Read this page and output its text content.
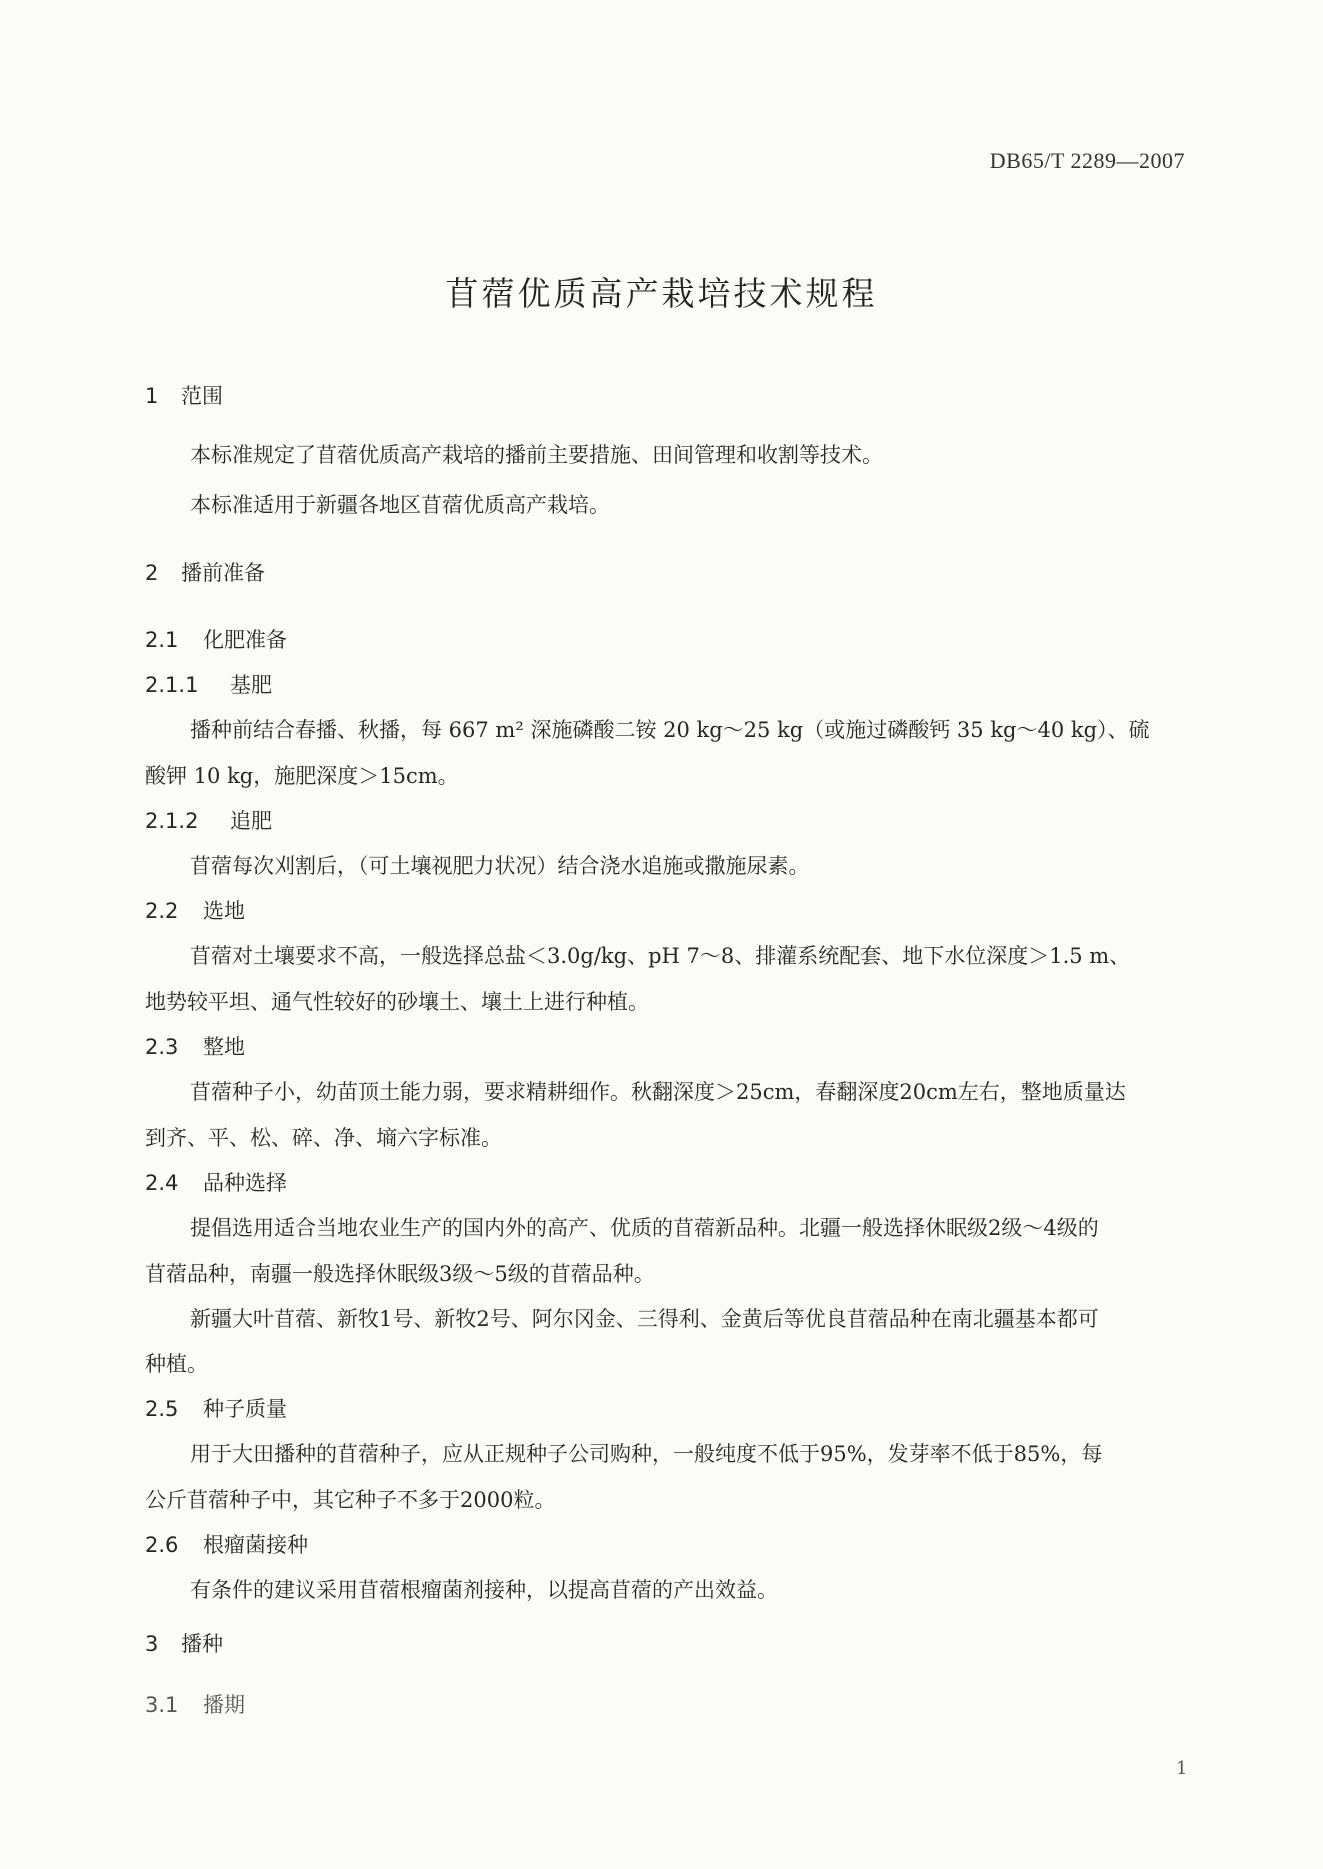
DB65/T 2289—2007
苜蓿优质高产栽培技术规程
1 范围
本标准规定了苜蓿优质高产栽培的播前主要措施、田间管理和收割等技术。
本标准适用于新疆各地区苜蓿优质高产栽培。
2 播前准备
2.1 化肥准备
2.1.1 基肥
播种前结合春播、秋播，每 667 m² 深施磷酸二铵 20 kg～25 kg（或施过磷酸钙 35 kg～40 kg）、硫
酸钾 10 kg，施肥深度＞15cm。
2.1.2 追肥
苜蓿每次刈割后，（可土壤视肥力状况）结合浇水追施或撒施尿素。
2.2 选地
苜蓿对土壤要求不高，一般选择总盐＜3.0g/kg、pH 7～8、排灌系统配套、地下水位深度＞1.5 m、
地势较平坦、通气性较好的砂壤土、壤土上进行种植。
2.3 整地
苜蓿种子小，幼苗顶土能力弱，要求精耕细作。秋翻深度＞25cm，春翻深度20cm左右，整地质量达
到齐、平、松、碎、净、墒六字标准。
2.4 品种选择
提倡选用适合当地农业生产的国内外的高产、优质的苜蓿新品种。北疆一般选择休眠级2级～4级的
苜蓿品种，南疆一般选择休眠级3级～5级的苜蓿品种。
新疆大叶苜蓿、新牧1号、新牧2号、阿尔冈金、三得利、金黄后等优良苜蓿品种在南北疆基本都可
种植。
2.5 种子质量
用于大田播种的苜蓿种子，应从正规种子公司购种，一般纯度不低于95%，发芽率不低于85%，每
公斤苜蓿种子中，其它种子不多于2000粒。
2.6 根瘤菌接种
有条件的建议采用苜蓿根瘤菌剂接种，以提高苜蓿的产出效益。
3 播种
3.1 播期
1
